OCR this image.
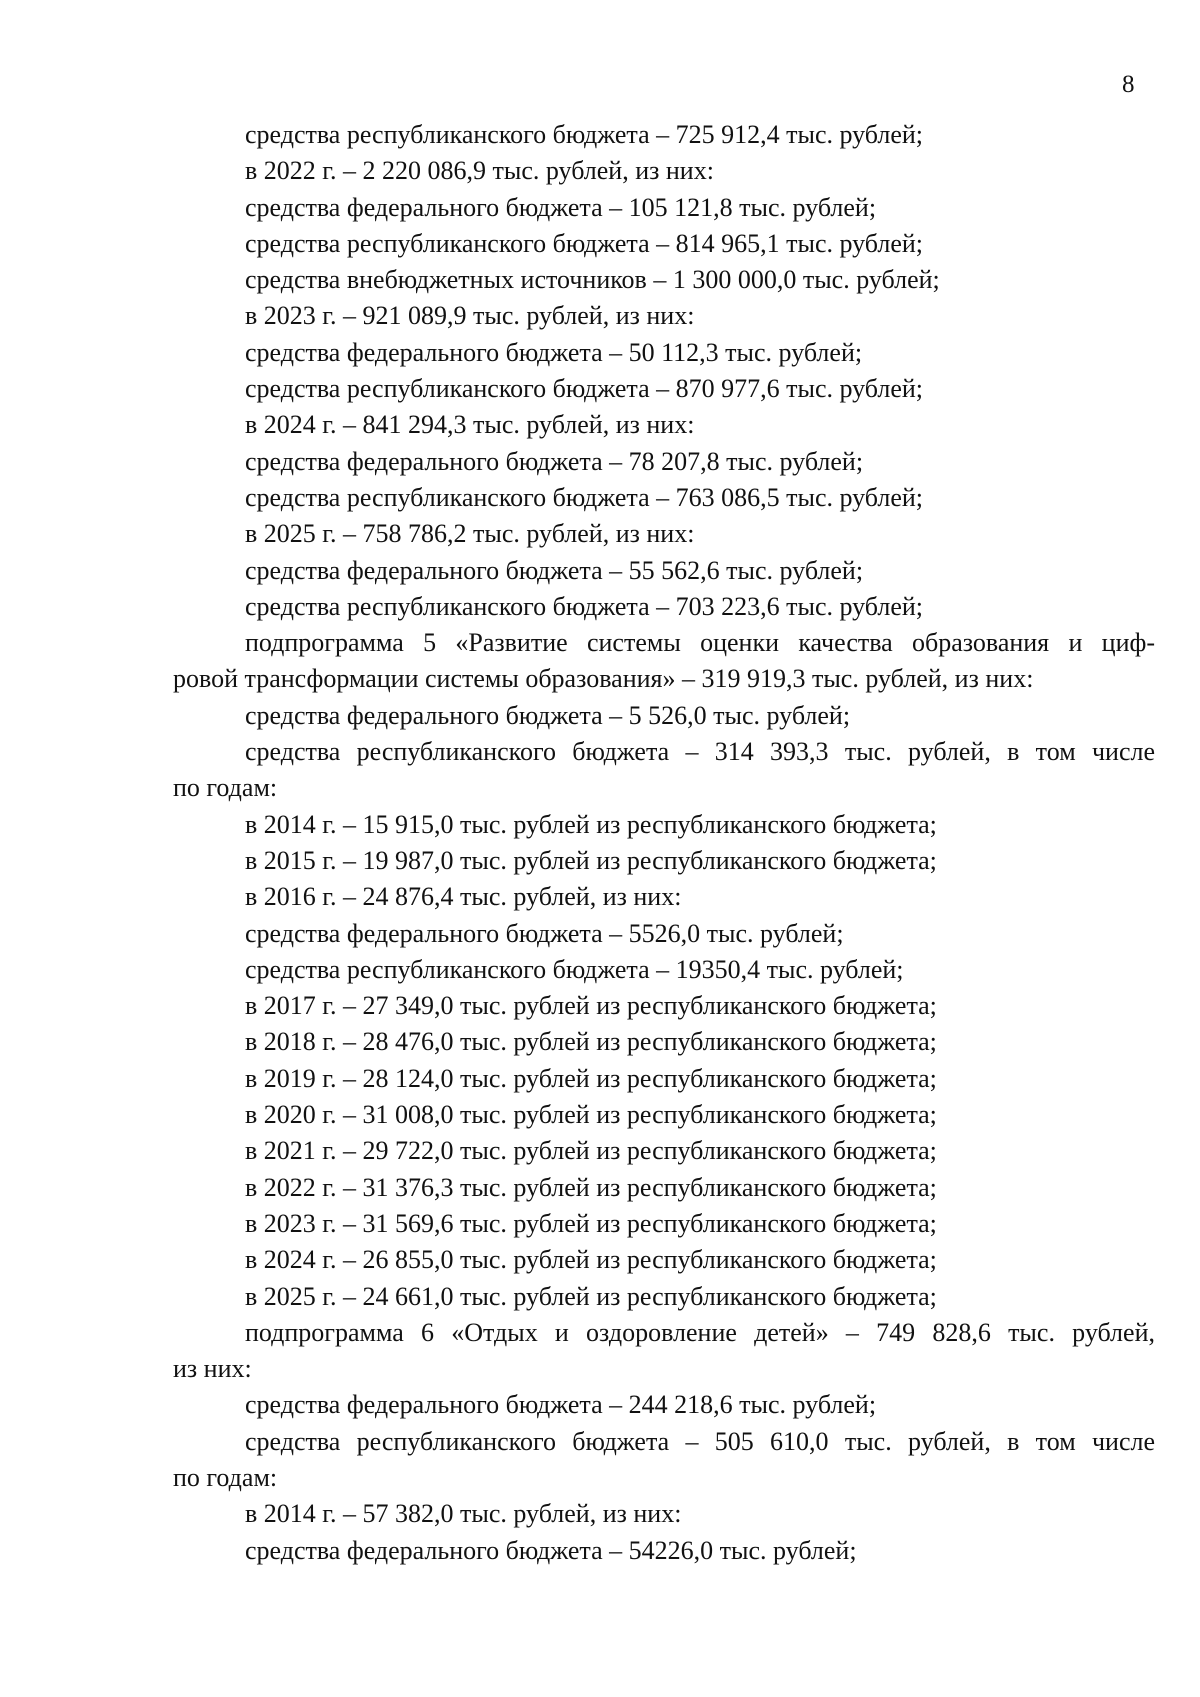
8

средства республиканского бюджета – 725 912,4 тыс. рублей;

в 2022 г. – 2 220 086,9 тыс. рублей, из них:

средства федерального бюджета – 105 121,8 тыс. рублей;

средства республиканского бюджета – 814 965,1 тыс. рублей;

средства внебюджетных источников – 1 300 000,0 тыс. рублей;

в 2023 г. – 921 089,9 тыс. рублей, из них:

средства федерального бюджета – 50 112,3 тыс. рублей;

средства республиканского бюджета – 870 977,6 тыс. рублей;

в 2024 г. – 841 294,3 тыс. рублей, из них:

средства федерального бюджета – 78 207,8 тыс. рублей;

средства республиканского бюджета – 763 086,5 тыс. рублей;

в 2025 г. – 758 786,2 тыс. рублей, из них:

средства федерального бюджета – 55 562,6 тыс. рублей;

средства республиканского бюджета – 703 223,6 тыс. рублей;

подпрограмма 5 «Развитие системы оценки качества образования и циф-

ровой трансформации системы образования» – 319 919,3 тыс. рублей, из них:

средства федерального бюджета – 5 526,0 тыс. рублей;

средства республиканского бюджета – 314 393,3 тыс. рублей, в том числе

по годам:

в 2014 г. – 15 915,0 тыс. рублей из республиканского бюджета;

в 2015 г. – 19 987,0 тыс. рублей из республиканского бюджета;

в 2016 г. – 24 876,4 тыс. рублей, из них:

средства федерального бюджета – 5526,0 тыс. рублей;

средства республиканского бюджета – 19350,4 тыс. рублей;

в 2017 г. – 27 349,0 тыс. рублей из республиканского бюджета;

в 2018 г. – 28 476,0 тыс. рублей из республиканского бюджета;

в 2019 г. – 28 124,0 тыс. рублей из республиканского бюджета;

в 2020 г. – 31 008,0 тыс. рублей из республиканского бюджета;

в 2021 г. – 29 722,0 тыс. рублей из республиканского бюджета;

в 2022 г. – 31 376,3 тыс. рублей из республиканского бюджета;

в 2023 г. – 31 569,6 тыс. рублей из республиканского бюджета;

в 2024 г. – 26 855,0 тыс. рублей из республиканского бюджета;

в 2025 г. – 24 661,0 тыс. рублей из республиканского бюджета;

подпрограмма 6 «Отдых и оздоровление детей» – 749 828,6 тыс. рублей,

из них:

средства федерального бюджета – 244 218,6 тыс. рублей;

средства республиканского бюджета – 505 610,0 тыс. рублей, в том числе

по годам:

в 2014 г. – 57 382,0 тыс. рублей, из них:

средства федерального бюджета – 54226,0 тыс. рублей;
